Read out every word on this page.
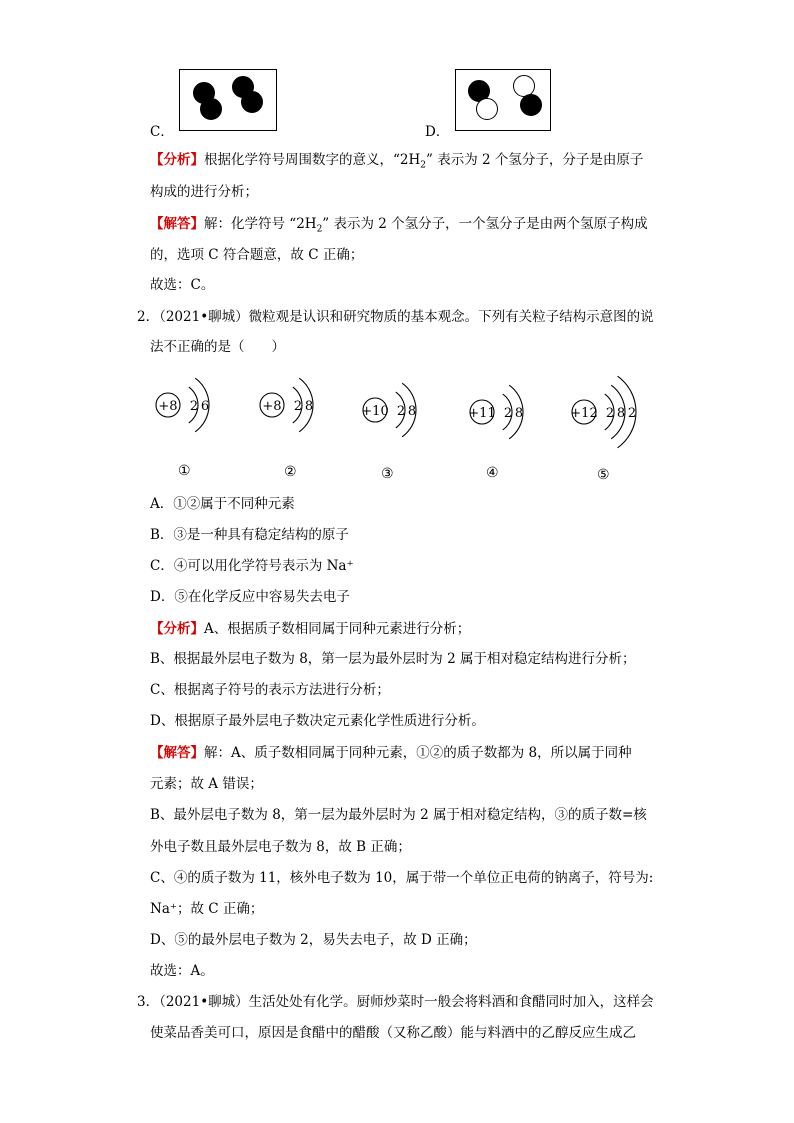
C．	D．
【分析】根据化学符号周围数字的意义，“$2H_2$” 表示为 2 个氢分子，分子是由原子
构成的进行分析；
【解答】解：化学符号 “$2H_2$” 表示为 2 个氢分子，一个氢分子是由两个氢原子构成
的，选项 C 符合题意，故 C 正确；
故选：C。
2．（2021•聊城）微粒观是认识和研究物质的基本观念。下列有关粒子结构示意图的说
法不正确的是（　　）
+8 2 6
①
+8 2 8
②
+10 2 8
③
+11 2 8
④
+12 2 8 2
⑤
A．①②属于不同种元素
B．③是一种具有稳定结构的原子
C．④可以用化学符号表示为 Na⁺
D．⑤在化学反应中容易失去电子
【分析】A、根据质子数相同属于同种元素进行分析；
B、根据最外层电子数为 8，第一层为最外层时为 2 属于相对稳定结构进行分析；
C、根据离子符号的表示方法进行分析；
D、根据原子最外层电子数决定元素化学性质进行分析。
【解答】解：A、质子数相同属于同种元素，①②的质子数都为 8，所以属于同种
元素；故 A 错误；
B、最外层电子数为 8，第一层为最外层时为 2 属于相对稳定结构，③的质子数=核
外电子数且最外层电子数为 8，故 B 正确；
C、④的质子数为 11，核外电子数为 10，属于带一个单位正电荷的钠离子，符号为:
Na⁺；故 C 正确；
D、⑤的最外层电子数为 2，易失去电子，故 D 正确；
故选：A。
3．（2021•聊城）生活处处有化学。厨师炒菜时一般会将料酒和食醋同时加入，这样会
使菜品香美可口，原因是食醋中的醋酸（又称乙酸）能与料酒中的乙醇反应生成乙
